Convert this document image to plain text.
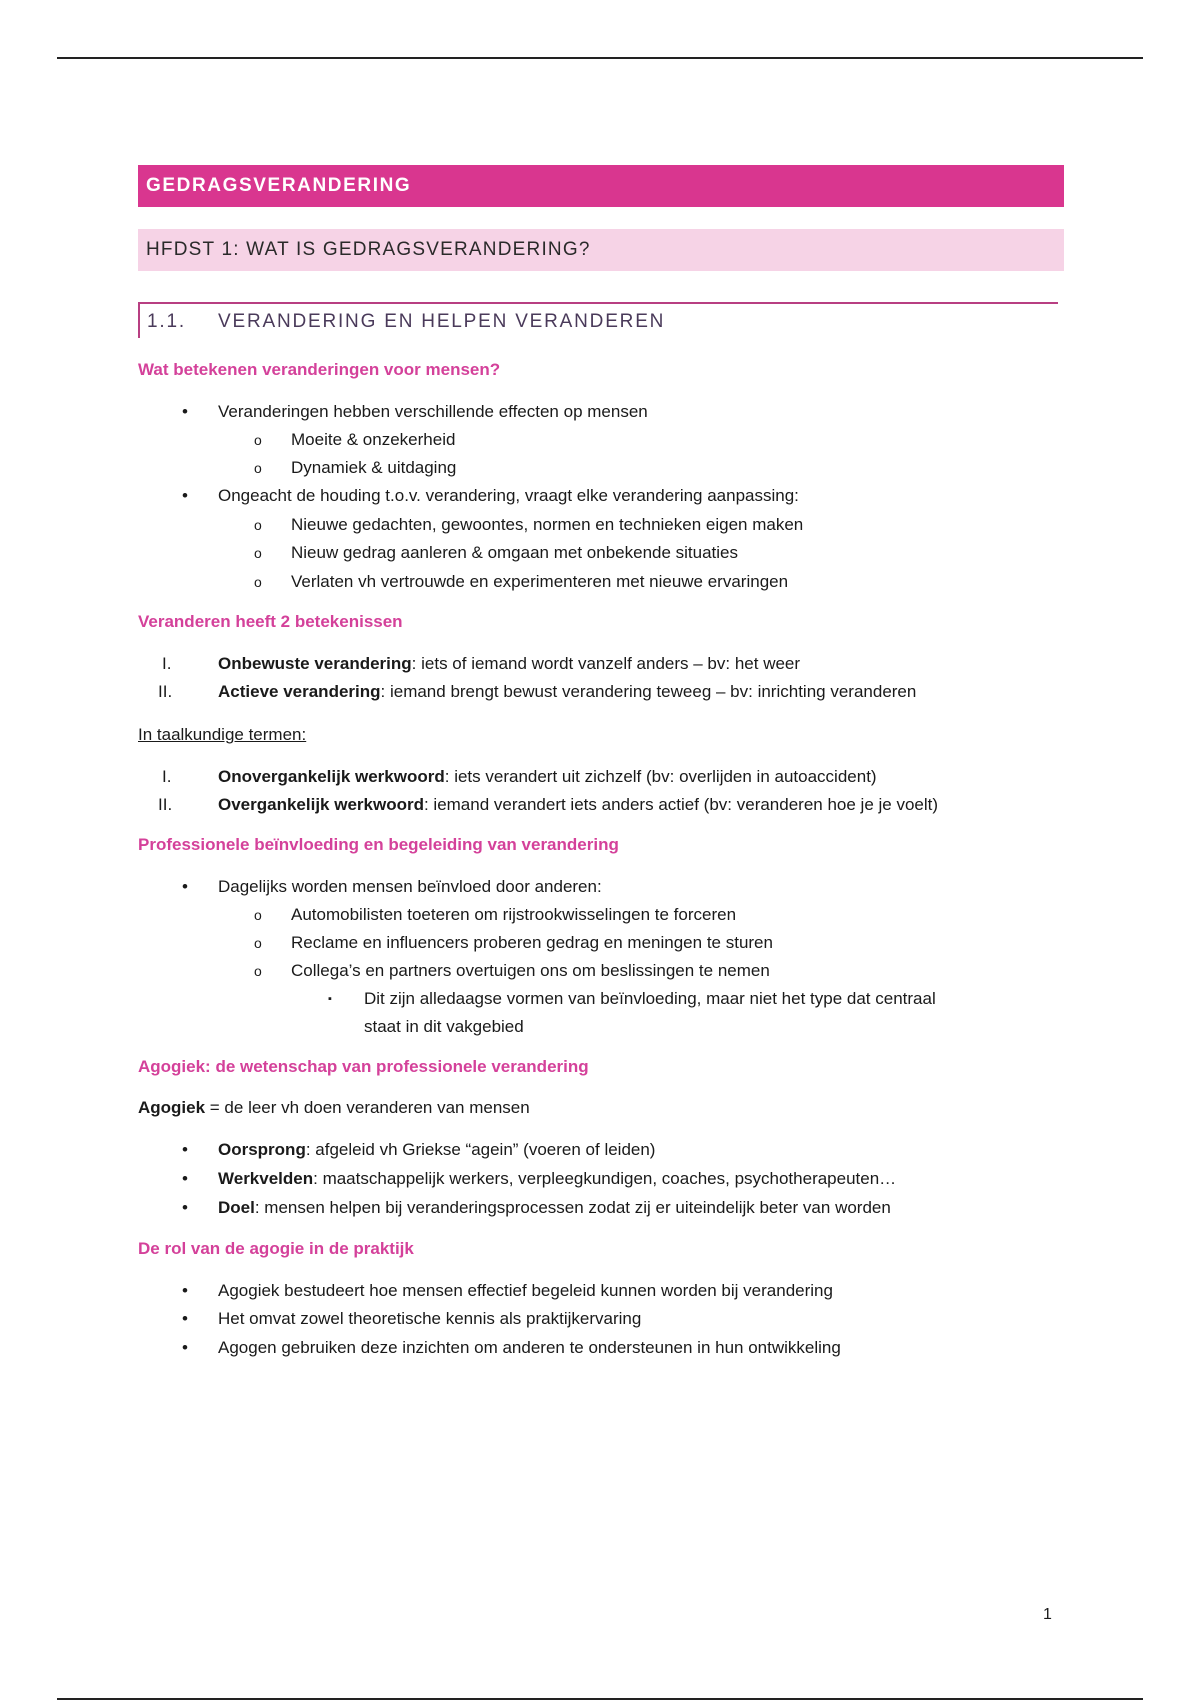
GEDRAGSVERANDERING
HFDST 1: WAT IS GEDRAGSVERANDERING?
1.1. VERANDERING EN HELPEN VERANDEREN
Wat betekenen veranderingen voor mensen?
• Veranderingen hebben verschillende effecten op mensen
o Moeite & onzekerheid
o Dynamiek & uitdaging
• Ongeacht de houding t.o.v. verandering, vraagt elke verandering aanpassing:
o Nieuwe gedachten, gewoontes, normen en technieken eigen maken
o Nieuw gedrag aanleren & omgaan met onbekende situaties
o Verlaten vh vertrouwde en experimenteren met nieuwe ervaringen
Veranderen heeft 2 betekenissen
I.	Onbewuste verandering: iets of iemand wordt vanzelf anders – bv: het weer
II.	Actieve verandering: iemand brengt bewust verandering teweeg – bv: inrichting veranderen
In taalkundige termen:
I.	Onovergankelijk werkwoord: iets verandert uit zichzelf (bv: overlijden in autoaccident)
II.	Overgankelijk werkwoord: iemand verandert iets anders actief (bv: veranderen hoe je je voelt)
Professionele beïnvloeding en begeleiding van verandering
• Dagelijks worden mensen beïnvloed door anderen:
o Automobilisten toeteren om rijstrookwisselingen te forceren
o Reclame en influencers proberen gedrag en meningen te sturen
o Collega’s en partners overtuigen ons om beslissingen te nemen
▪ Dit zijn alledaagse vormen van beïnvloeding, maar niet het type dat centraal
staat in dit vakgebied
Agogiek: de wetenschap van professionele verandering
Agogiek = de leer vh doen veranderen van mensen
• Oorsprong: afgeleid vh Griekse “agein” (voeren of leiden)
• Werkvelden: maatschappelijk werkers, verpleegkundigen, coaches, psychotherapeuten…
• Doel: mensen helpen bij veranderingsprocessen zodat zij er uiteindelijk beter van worden
De rol van de agogie in de praktijk
• Agogiek bestudeert hoe mensen effectief begeleid kunnen worden bij verandering
• Het omvat zowel theoretische kennis als praktijkervaring
• Agogen gebruiken deze inzichten om anderen te ondersteunen in hun ontwikkeling
1
